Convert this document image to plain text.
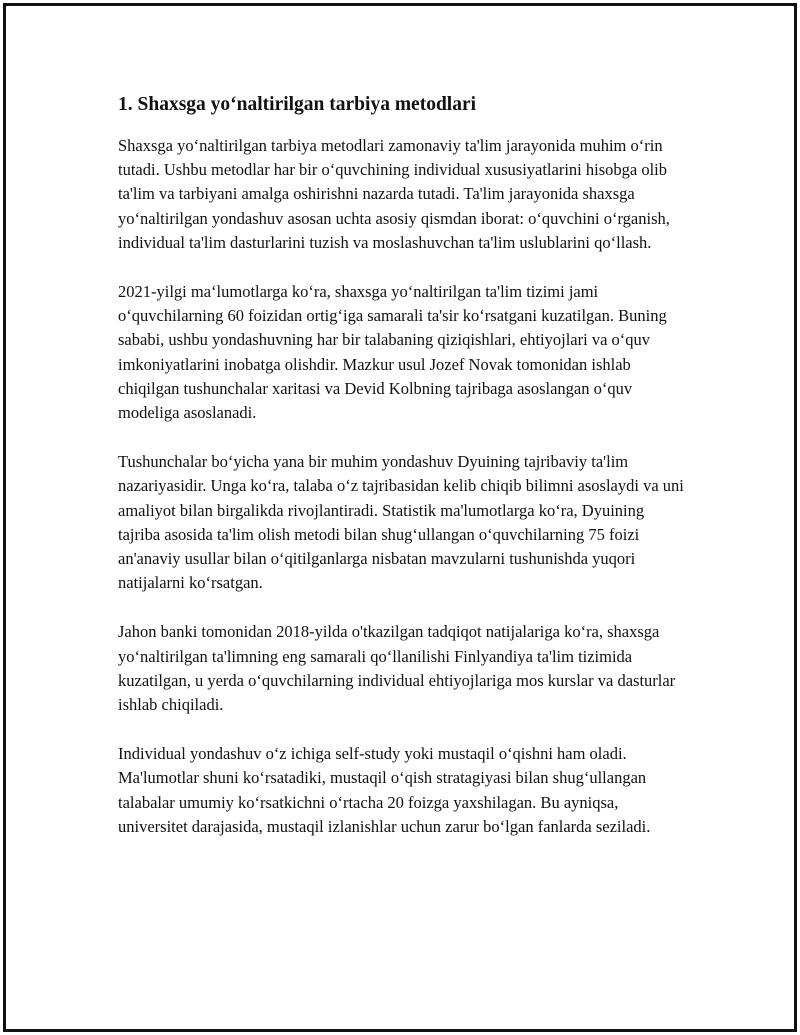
1. Shaxsga yo‘naltirilgan tarbiya metodlari

Shaxsga yo‘naltirilgan tarbiya metodlari zamonaviy ta'lim jarayonida muhim o‘rin tutadi. Ushbu metodlar har bir o‘quvchining individual xususiyatlarini hisobga olib ta'lim va tarbiyani amalga oshirishni nazarda tutadi. Ta'lim jarayonida shaxsga yo‘naltirilgan yondashuv asosan uchta asosiy qismdan iborat: o‘quvchini o‘rganish, individual ta'lim dasturlarini tuzish va moslashuvchan ta'lim uslublarini qo‘llash.

2021-yilgi ma‘lumotlarga ko‘ra, shaxsga yo‘naltirilgan ta'lim tizimi jami o‘quvchilarning 60 foizidan ortig‘iga samarali ta'sir ko‘rsatgani kuzatilgan. Buning sababi, ushbu yondashuvning har bir talabaning qiziqishlari, ehtiyojlari va o‘quv imkoniyatlarini inobatga olishdir. Mazkur usul Jozef Novak tomonidan ishlab chiqilgan tushunchalar xaritasi va Devid Kolbning tajribaga asoslangan o‘quv modeliga asoslanadi.

Tushunchalar bo‘yicha yana bir muhim yondashuv Dyuining tajribaviy ta'lim nazariyasidir. Unga ko‘ra, talaba o‘z tajribasidan kelib chiqib bilimni asoslaydi va uni amaliyot bilan birgalikda rivojlantiradi. Statistik ma'lumotlarga ko‘ra, Dyuining tajriba asosida ta'lim olish metodi bilan shug‘ullangan o‘quvchilarning 75 foizi an'anaviy usullar bilan o‘qitilganlarga nisbatan mavzularni tushunishda yuqori natijalarni ko‘rsatgan.

Jahon banki tomonidan 2018-yilda o'tkazilgan tadqiqot natijalariga ko‘ra, shaxsga yo‘naltirilgan ta'limning eng samarali qo‘llanilishi Finlyandiya ta'lim tizimida kuzatilgan, u yerda o‘quvchilarning individual ehtiyojlariga mos kurslar va dasturlar ishlab chiqiladi.

Individual yondashuv o‘z ichiga self-study yoki mustaqil o‘qishni ham oladi. Ma'lumotlar shuni ko‘rsatadiki, mustaqil o‘qish stratagiyasi bilan shug‘ullangan talabalar umumiy ko‘rsatkichni o‘rtacha 20 foizga yaxshilagan. Bu ayniqsa, universitet darajasida, mustaqil izlanishlar uchun zarur bo‘lgan fanlarda seziladi.
